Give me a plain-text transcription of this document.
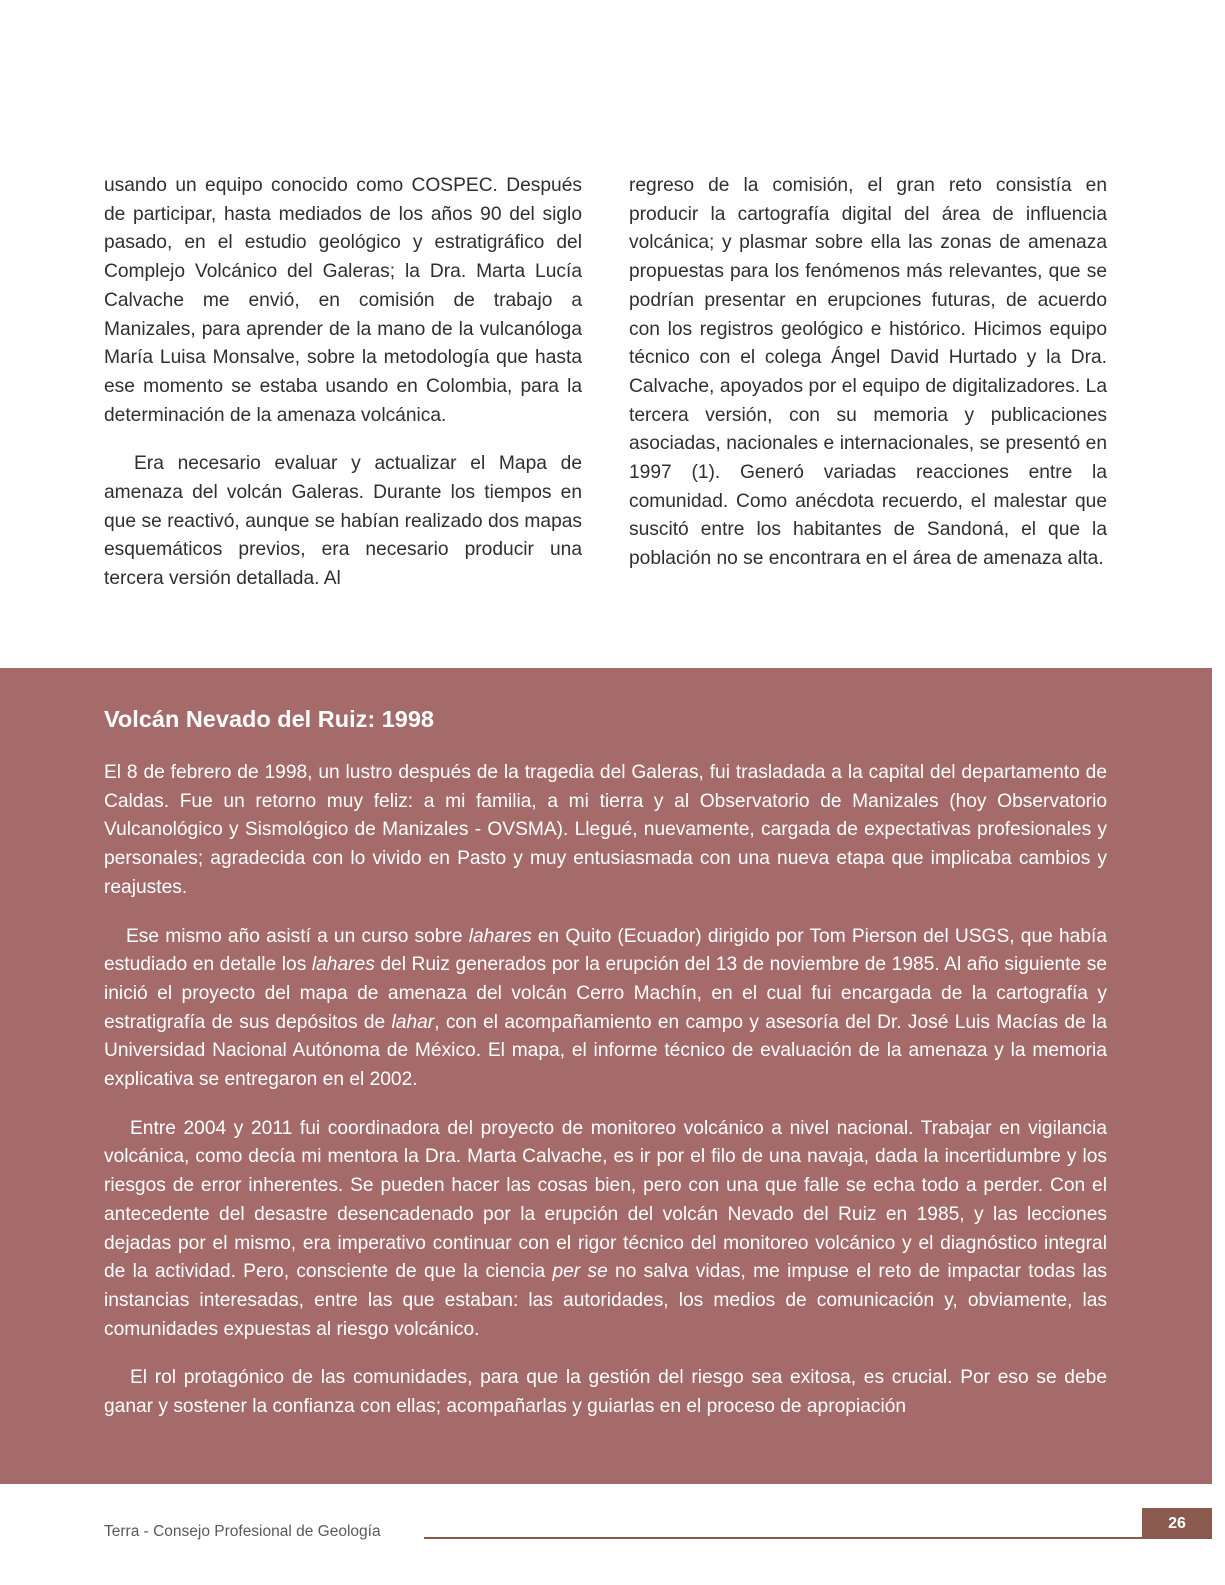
usando un equipo conocido como COSPEC. Después de participar, hasta mediados de los años 90 del siglo pasado, en el estudio geológico y estratigráfico del Complejo Volcánico del Galeras; la Dra. Marta Lucía Calvache me envió, en comisión de trabajo a Manizales, para aprender de la mano de la vulcanóloga María Luisa Monsalve, sobre la metodología que hasta ese momento se estaba usando en Colombia, para la determinación de la amenaza volcánica.

Era necesario evaluar y actualizar el Mapa de amenaza del volcán Galeras. Durante los tiempos en que se reactivó, aunque se habían realizado dos mapas esquemáticos previos, era necesario producir una tercera versión detallada. Al

regreso de la comisión, el gran reto consistía en producir la cartografía digital del área de influencia volcánica; y plasmar sobre ella las zonas de amenaza propuestas para los fenómenos más relevantes, que se podrían presentar en erupciones futuras, de acuerdo con los registros geológico e histórico. Hicimos equipo técnico con el colega Ángel David Hurtado y la Dra. Calvache, apoyados por el equipo de digitalizadores. La tercera versión, con su memoria y publicaciones asociadas, nacionales e internacionales, se presentó en 1997 (1). Generó variadas reacciones entre la comunidad. Como anécdota recuerdo, el malestar que suscitó entre los habitantes de Sandoná, el que la población no se encontrara en el área de amenaza alta.

Volcán Nevado del Ruiz: 1998

El 8 de febrero de 1998, un lustro después de la tragedia del Galeras, fui trasladada a la capital del departamento de Caldas. Fue un retorno muy feliz: a mi familia, a mi tierra y al Observatorio de Manizales (hoy Observatorio Vulcanológico y Sismológico de Manizales - OVSMA). Llegué, nuevamente, cargada de expectativas profesionales y personales; agradecida con lo vivido en Pasto y muy entusiasmada con una nueva etapa que implicaba cambios y reajustes.

Ese mismo año asistí a un curso sobre lahares en Quito (Ecuador) dirigido por Tom Pierson del USGS, que había estudiado en detalle los lahares del Ruiz generados por la erupción del 13 de noviembre de 1985. Al año siguiente se inició el proyecto del mapa de amenaza del volcán Cerro Machín, en el cual fui encargada de la cartografía y estratigrafía de sus depósitos de lahar, con el acompañamiento en campo y asesoría del Dr. José Luis Macías de la Universidad Nacional Autónoma de México. El mapa, el informe técnico de evaluación de la amenaza y la memoria explicativa se entregaron en el 2002.

Entre 2004 y 2011 fui coordinadora del proyecto de monitoreo volcánico a nivel nacional. Trabajar en vigilancia volcánica, como decía mi mentora la Dra. Marta Calvache, es ir por el filo de una navaja, dada la incertidumbre y los riesgos de error inherentes. Se pueden hacer las cosas bien, pero con una que falle se echa todo a perder. Con el antecedente del desastre desencadenado por la erupción del volcán Nevado del Ruiz en 1985, y las lecciones dejadas por el mismo, era imperativo continuar con el rigor técnico del monitoreo volcánico y el diagnóstico integral de la actividad. Pero, consciente de que la ciencia per se no salva vidas, me impuse el reto de impactar todas las instancias interesadas, entre las que estaban: las autoridades, los medios de comunicación y, obviamente, las comunidades expuestas al riesgo volcánico.

El rol protagónico de las comunidades, para que la gestión del riesgo sea exitosa, es crucial. Por eso se debe ganar y sostener la confianza con ellas; acompañarlas y guiarlas en el proceso de apropiación

Terra - Consejo Profesional de Geología	26
